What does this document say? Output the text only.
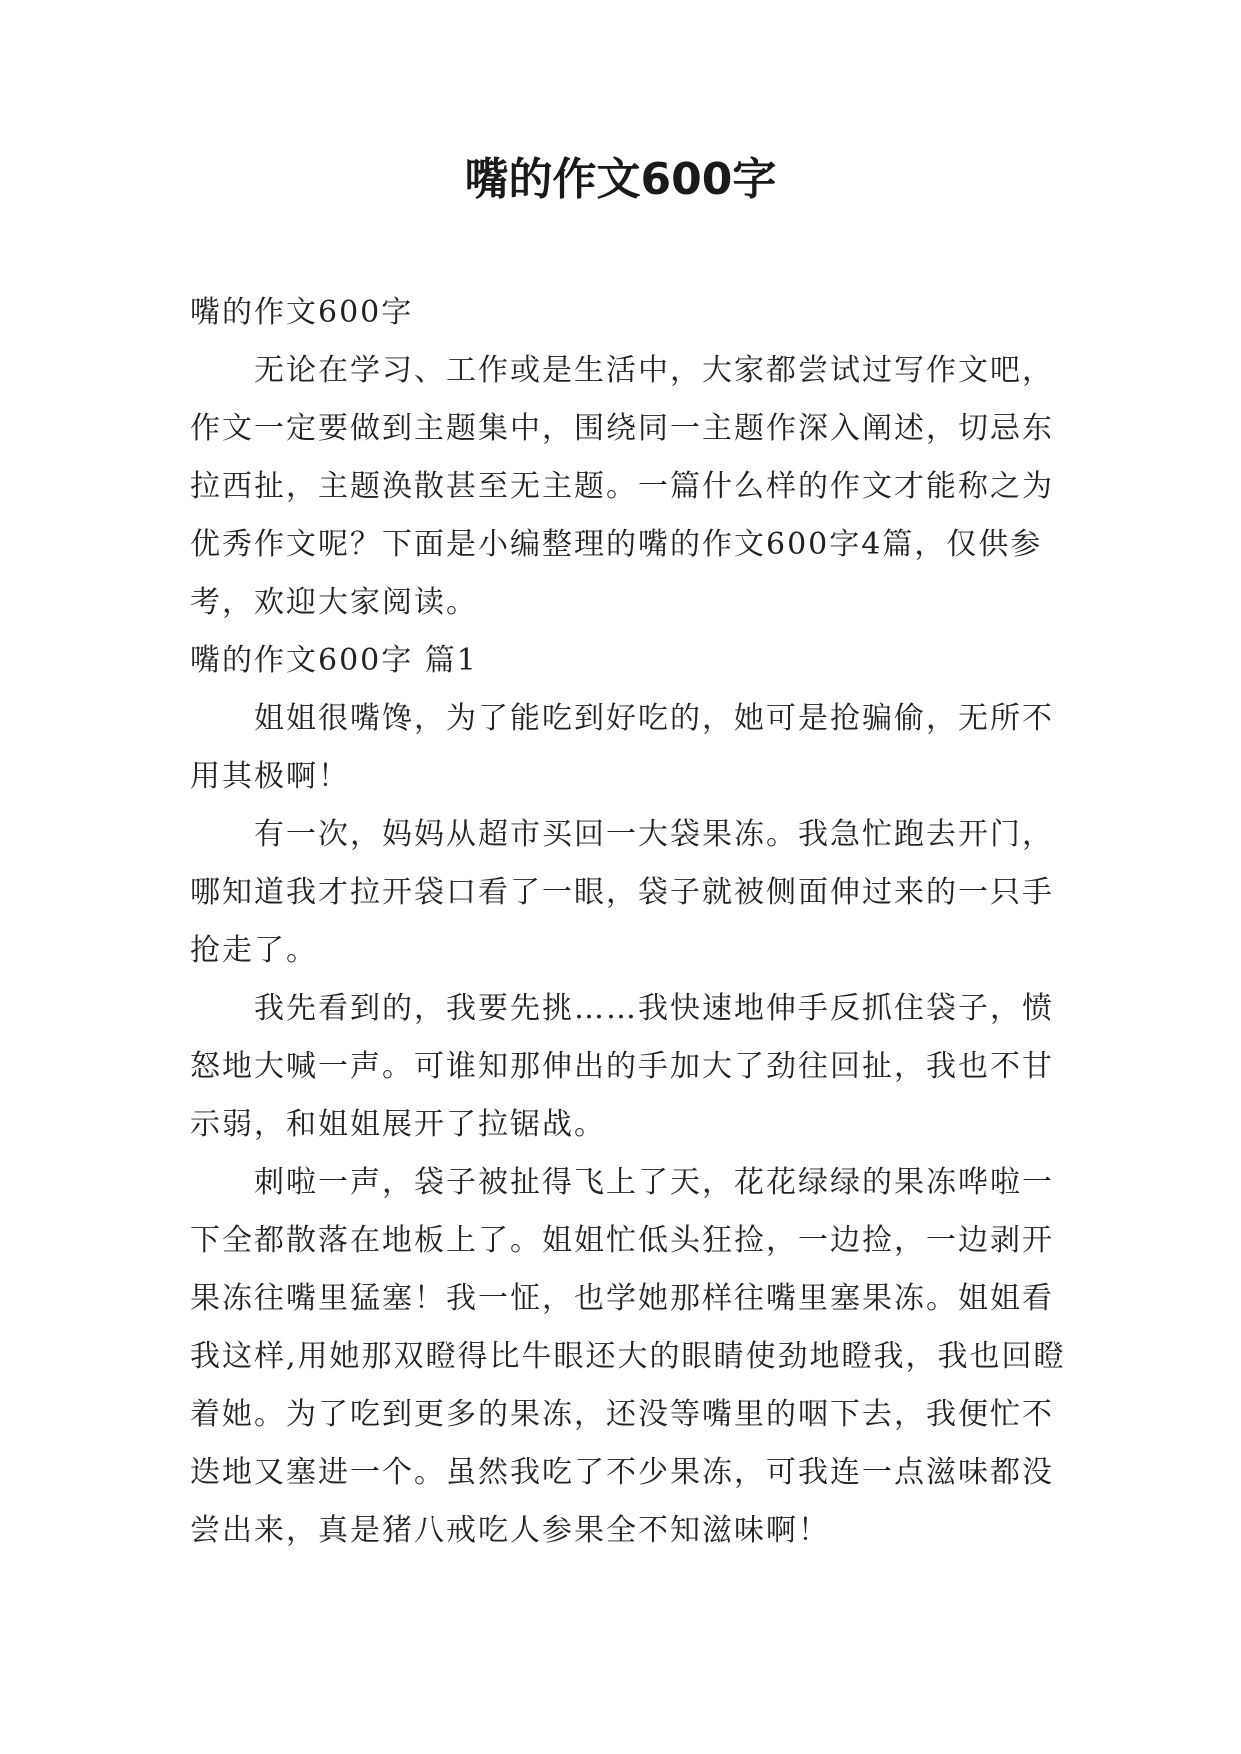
嘴的作文600字

嘴的作文600字

无论在学习、工作或是生活中，大家都尝试过写作文吧，作文一定要做到主题集中，围绕同一主题作深入阐述，切忌东拉西扯，主题涣散甚至无主题。一篇什么样的作文才能称之为优秀作文呢？下面是小编整理的嘴的作文600字4篇，仅供参考，欢迎大家阅读。

嘴的作文600字 篇1

姐姐很嘴馋，为了能吃到好吃的，她可是抢骗偷，无所不用其极啊！

有一次，妈妈从超市买回一大袋果冻。我急忙跑去开门，哪知道我才拉开袋口看了一眼，袋子就被侧面伸过来的一只手抢走了。

我先看到的，我要先挑……我快速地伸手反抓住袋子，愤怒地大喊一声。可谁知那伸出的手加大了劲往回扯，我也不甘示弱，和姐姐展开了拉锯战。

刺啦一声，袋子被扯得飞上了天，花花绿绿的果冻哗啦一下全都散落在地板上了。姐姐忙低头狂捡，一边捡，一边剥开果冻往嘴里猛塞！我一怔，也学她那样往嘴里塞果冻。姐姐看我这样,用她那双瞪得比牛眼还大的眼睛使劲地瞪我，我也回瞪着她。为了吃到更多的果冻，还没等嘴里的咽下去，我便忙不迭地又塞进一个。虽然我吃了不少果冻，可我连一点滋味都没尝出来，真是猪八戒吃人参果全不知滋味啊！
